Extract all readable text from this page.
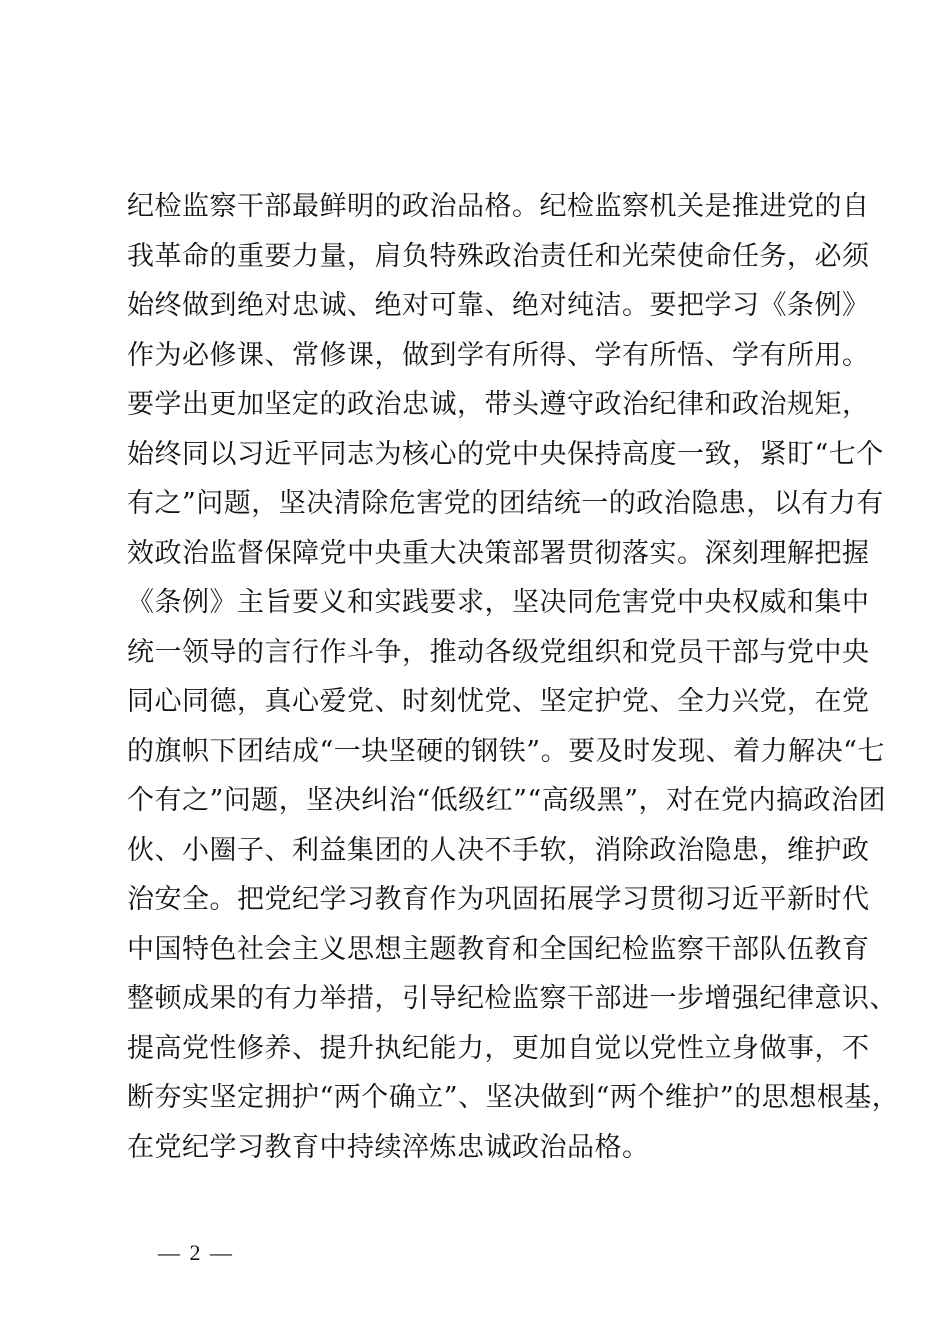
纪检监察干部最鲜明的政治品格。纪检监察机关是推进党的自
我革命的重要力量，肩负特殊政治责任和光荣使命任务，必须
始终做到绝对忠诚、绝对可靠、绝对纯洁。要把学习《条例》
作为必修课、常修课，做到学有所得、学有所悟、学有所用。
要学出更加坚定的政治忠诚，带头遵守政治纪律和政治规矩，
始终同以习近平同志为核心的党中央保持高度一致，紧盯“七个
有之”问题，坚决清除危害党的团结统一的政治隐患，以有力有
效政治监督保障党中央重大决策部署贯彻落实。深刻理解把握
《条例》主旨要义和实践要求，坚决同危害党中央权威和集中
统一领导的言行作斗争，推动各级党组织和党员干部与党中央
同心同德，真心爱党、时刻忧党、坚定护党、全力兴党，在党
的旗帜下团结成“一块坚硬的钢铁”。要及时发现、着力解决“七
个有之”问题，坚决纠治“低级红”“高级黑”，对在党内搞政治团
伙、小圈子、利益集团的人决不手软，消除政治隐患，维护政
治安全。把党纪学习教育作为巩固拓展学习贯彻习近平新时代
中国特色社会主义思想主题教育和全国纪检监察干部队伍教育
整顿成果的有力举措，引导纪检监察干部进一步增强纪律意识、
提高党性修养、提升执纪能力，更加自觉以党性立身做事，不
断夯实坚定拥护“两个确立”、坚决做到“两个维护”的思想根基，
在党纪学习教育中持续淬炼忠诚政治品格。
— 2 —
